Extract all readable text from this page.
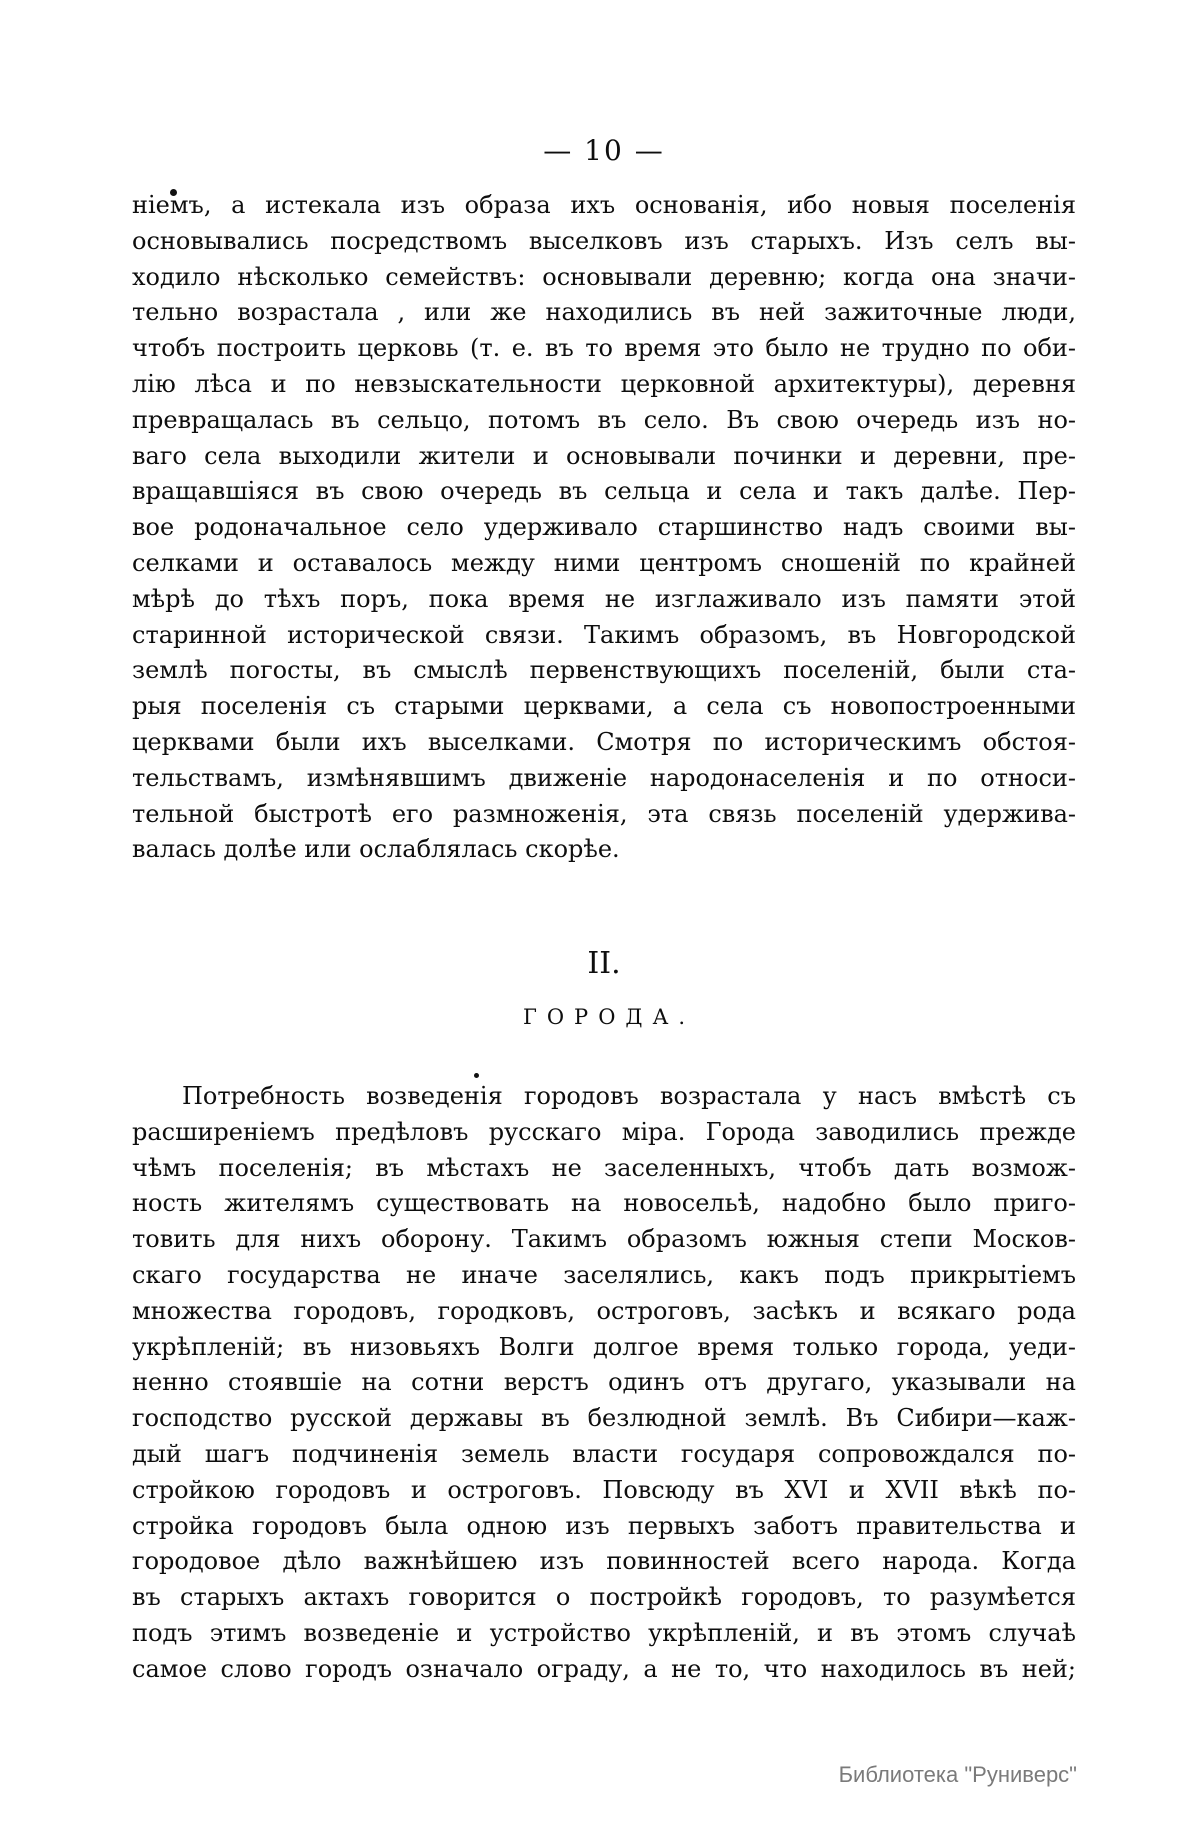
— 10 —
ніемъ, а истекала изъ образа ихъ основанія, ибо новыя поселенія
основывались посредствомъ выселковъ изъ старыхъ. Изъ селъ вы-
ходило нѣсколько семействъ: основывали деревню; когда она значи-
тельно возрастала , или же находились въ ней зажиточные люди,
чтобъ построить церковь (т. е. въ то время это было не трудно по оби-
лію лѣса и по невзыскательности церковной архитектуры), деревня
превращалась въ сельцо, потомъ въ село. Въ свою очередь изъ но-
ваго села выходили жители и основывали починки и деревни, пре-
вращавшіяся въ свою очередь въ сельца и села и такъ далѣе. Пер-
вое родоначальное село удерживало старшинство надъ своими вы-
селками и оставалось между ними центромъ сношеній по крайней
мѣрѣ до тѣхъ поръ, пока время не изглаживало изъ памяти этой
старинной исторической связи. Такимъ образомъ, въ Новгородской
землѣ погосты, въ смыслѣ первенствующихъ поселеній, были ста-
рыя поселенія съ старыми церквами, а села съ новопостроенными
церквами были ихъ выселками. Смотря по историческимъ обстоя-
тельствамъ, измѣнявшимъ движеніе народонаселенія и по относи-
тельной быстротѣ его размноженія, эта связь поселеній удержива-
валась долѣе или ослаблялась скорѣе.
II.
ГОРОДА.
Потребность возведенія городовъ возрастала у насъ вмѣстѣ съ
расширеніемъ предѣловъ русскаго міра. Города заводились прежде
чѣмъ поселенія; въ мѣстахъ не заселенныхъ, чтобъ дать возмож-
ность жителямъ существовать на новосельѣ, надобно было приго-
товить для нихъ оборону. Такимъ образомъ южныя степи Москов-
скаго государства не иначе заселялись, какъ подъ прикрытіемъ
множества городовъ, городковъ, остроговъ, засѣкъ и всякаго рода
укрѣпленій; въ низовьяхъ Волги долгое время только города, уеди-
ненно стоявшіе на сотни верстъ одинъ отъ другаго, указывали на
господство русской державы въ безлюдной землѣ. Въ Сибири—каж-
дый шагъ подчиненія земель власти государя сопровождался по-
стройкою городовъ и остроговъ. Повсюду въ XVI и XVII вѣкѣ по-
стройка городовъ была одною изъ первыхъ заботъ правительства и
городовое дѣло важнѣйшею изъ повинностей всего народа. Когда
въ старыхъ актахъ говорится о постройкѣ городовъ, то разумѣется
подъ этимъ возведеніе и устройство укрѣпленій, и въ этомъ случаѣ
самое слово городъ означало ограду, а не то, что находилось въ ней;
Библиотека "Руниверс"
